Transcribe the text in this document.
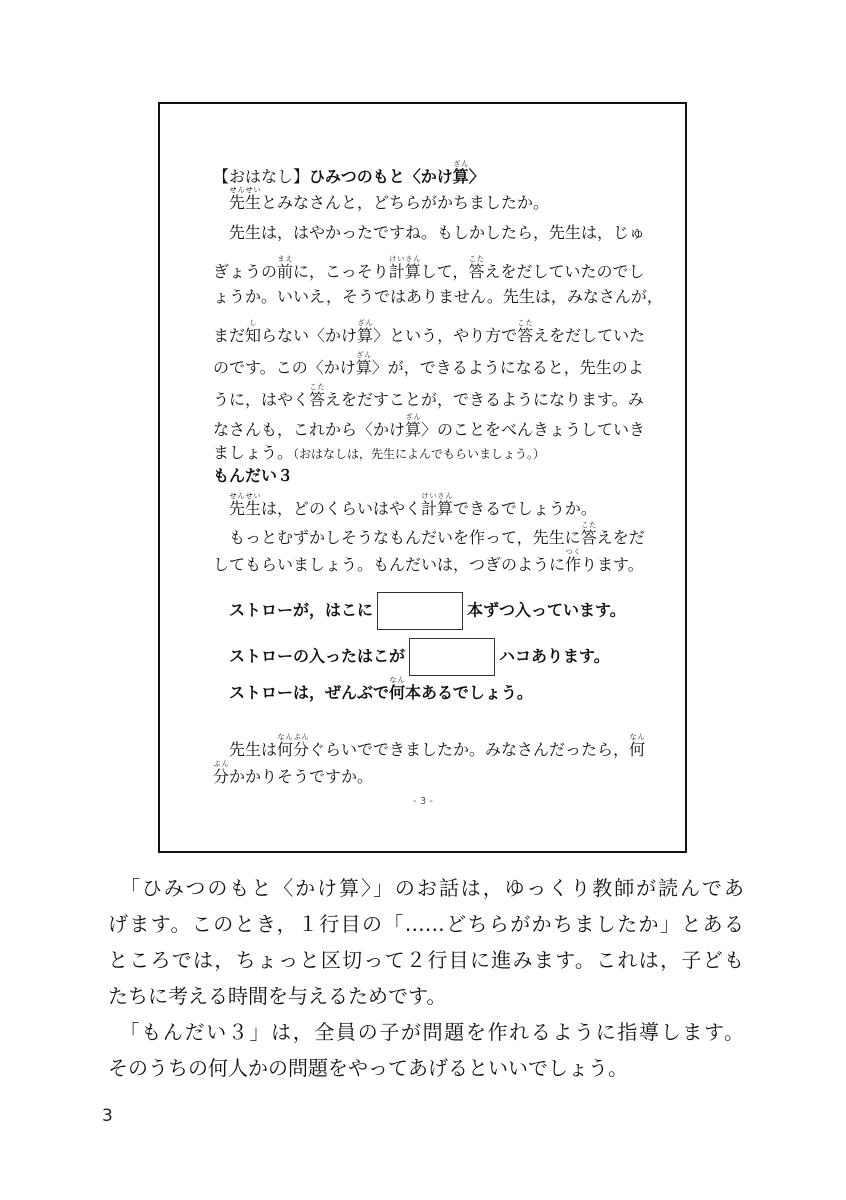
【おはなし】ひみつのもと〈かけ算ざん〉
　先生せんせいとみなさんと，どちらがかちましたか。
　先生は，はやかったですね。もしかしたら，先生は，じゅ
ぎょうの前まえに，こっそり計算けいさんして，答こたえをだしていたのでし
ょうか。いいえ，そうではありません。先生は，みなさんが，
まだ知しらない〈かけ算ざん〉という，やり方で答こたえをだしていた
のです。この〈かけ算ざん〉が，できるようになると，先生のよ
うに，はやく答こたえをだすことが，できるようになります。み
なさんも，これから〈かけ算ざん〉のことをべんきょうしていき
ましょう。（おはなしは，先生によんでもらいましょう。）
もんだい３
　先生せんせいは，どのくらいはやく計算けいさんできるでしょうか。
　もっとむずかしそうなもんだいを作って，先生に答こたえをだ
してもらいましょう。もんだいは，つぎのように作つくります。
　ストローが，はこに	本ずつ入っています。
　ストローの入ったはこが	ハコあります。
　ストローは，ぜんぶで何なん本あるでしょう。
　先生は何分なんぷんぐらいでできましたか。みなさんだったら，何なん
分ぷんかかりそうですか。
- 3 -
　「ひみつのもと〈かけ算〉」のお話は，ゆっくり教師が読んであ
げます。このとき，１行目の「……どちらがかちましたか」とある
ところでは，ちょっと区切って２行目に進みます。これは，子ども
たちに考える時間を与えるためです。
　「もんだい３」は，全員の子が問題を作れるように指導します。
そのうちの何人かの問題をやってあげるといいでしょう。
3
